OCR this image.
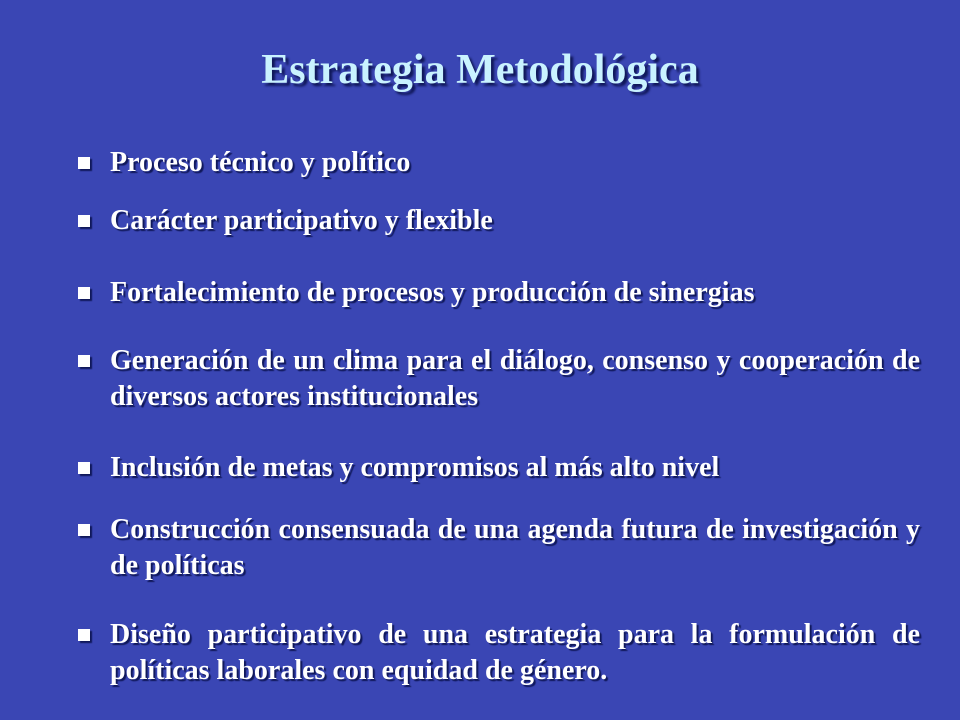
Estrategia Metodológica
Proceso técnico y político
Carácter participativo y flexible
Fortalecimiento de procesos y producción de sinergias
Generación de un clima para el diálogo, consenso y cooperación de diversos actores institucionales
Inclusión de metas y compromisos al más alto nivel
Construcción consensuada de una agenda futura de investigación y de políticas
Diseño participativo de una estrategia para la formulación de políticas laborales con equidad de género.
